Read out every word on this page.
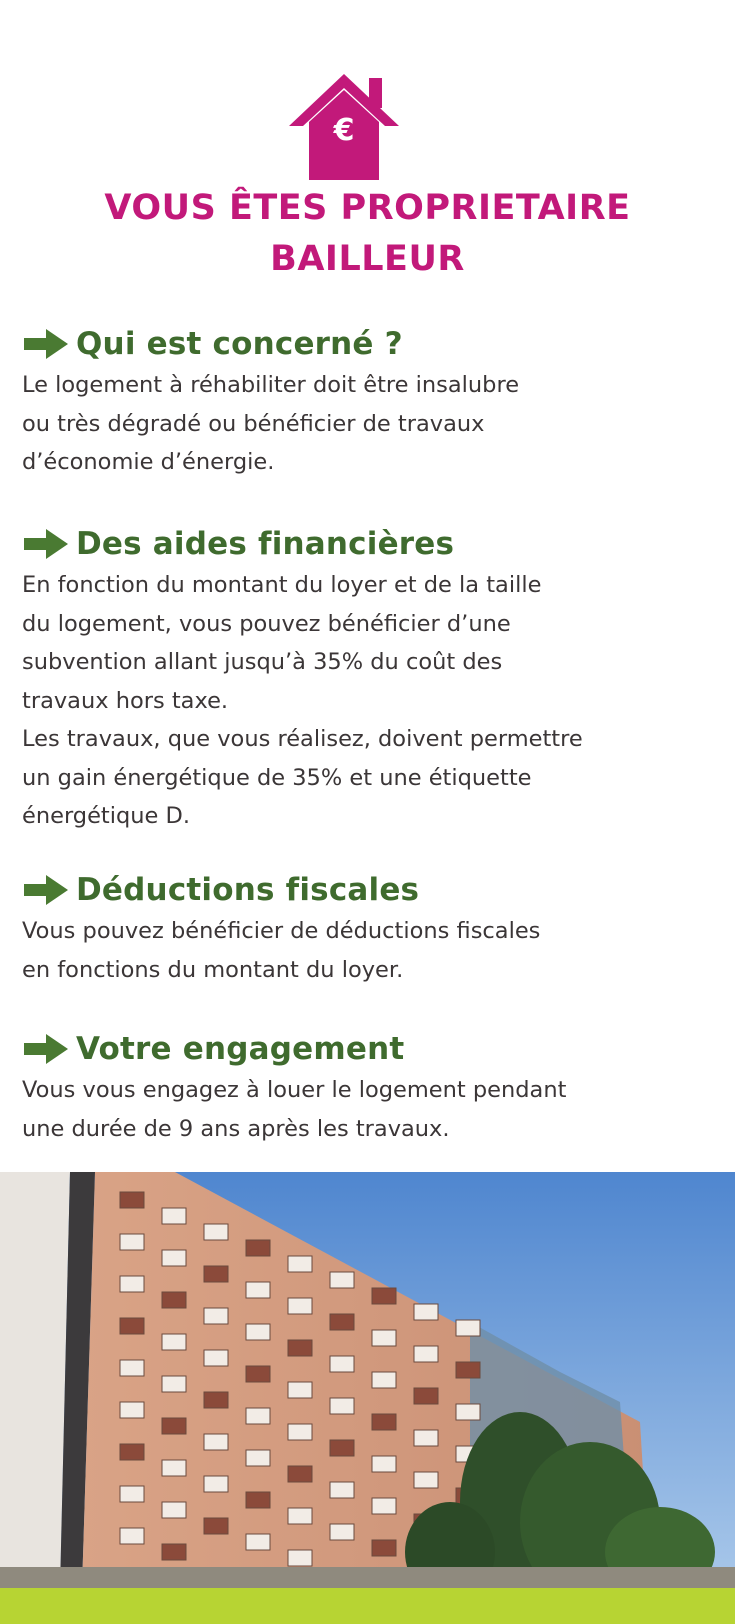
€
VOUS ÊTES PROPRIETAIRE
BAILLEUR
Qui est concerné ?

Le logement à réhabiliter doit être insalubre
ou très dégradé ou bénéficier de travaux
d’économie d’énergie.

Des aides financières

En fonction du montant du loyer et de la taille
du logement, vous pouvez bénéficier d’une
subvention allant jusqu’à 35% du coût des
travaux hors taxe.
Les travaux, que vous réalisez, doivent permettre
un gain énergétique de 35% et une étiquette
énergétique D.

Déductions fiscales

Vous pouvez bénéficier de déductions fiscales
en fonctions du montant du loyer.

Votre engagement

Vous vous engagez à louer le logement pendant
une durée de 9 ans après les travaux.
